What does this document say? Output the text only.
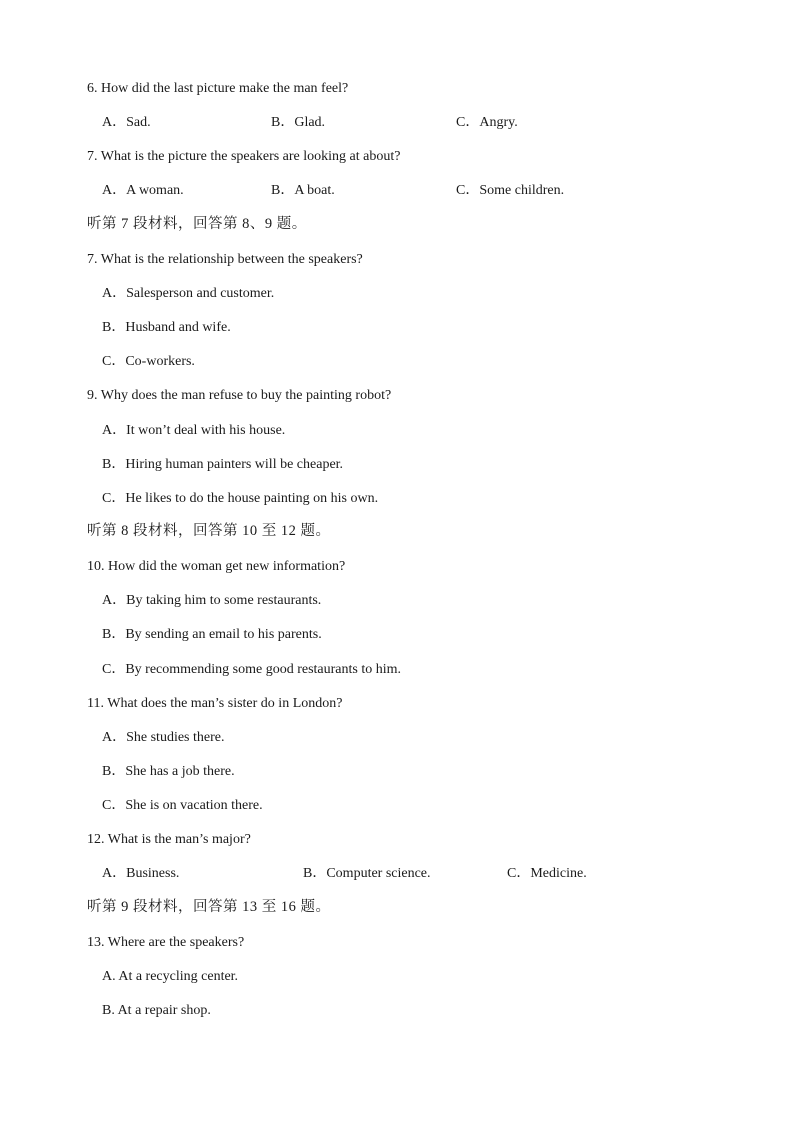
6. How did the last picture make the man feel?
A．Sad.	B．Glad.	C．Angry.
7. What is the picture the speakers are looking at about?
A．A woman.	B．A boat.	C．Some children.
听第 7 段材料，回答第 8、9 题。
7. What is the relationship between the speakers?
A．Salesperson and customer.
B．Husband and wife.
C．Co-workers.
9. Why does the man refuse to buy the painting robot?
A．It won’t deal with his house.
B．Hiring human painters will be cheaper.
C．He likes to do the house painting on his own.
听第 8 段材料，回答第 10 至 12 题。
10. How did the woman get new information?
A．By taking him to some restaurants.
B．By sending an email to his parents.
C．By recommending some good restaurants to him.
11. What does the man’s sister do in London?
A．She studies there.
B．She has a job there.
C．She is on vacation there.
12. What is the man’s major?
A．Business.	B．Computer science.	C．Medicine.
听第 9 段材料，回答第 13 至 16 题。
13. Where are the speakers?
A. At a recycling center.
B. At a repair shop.
